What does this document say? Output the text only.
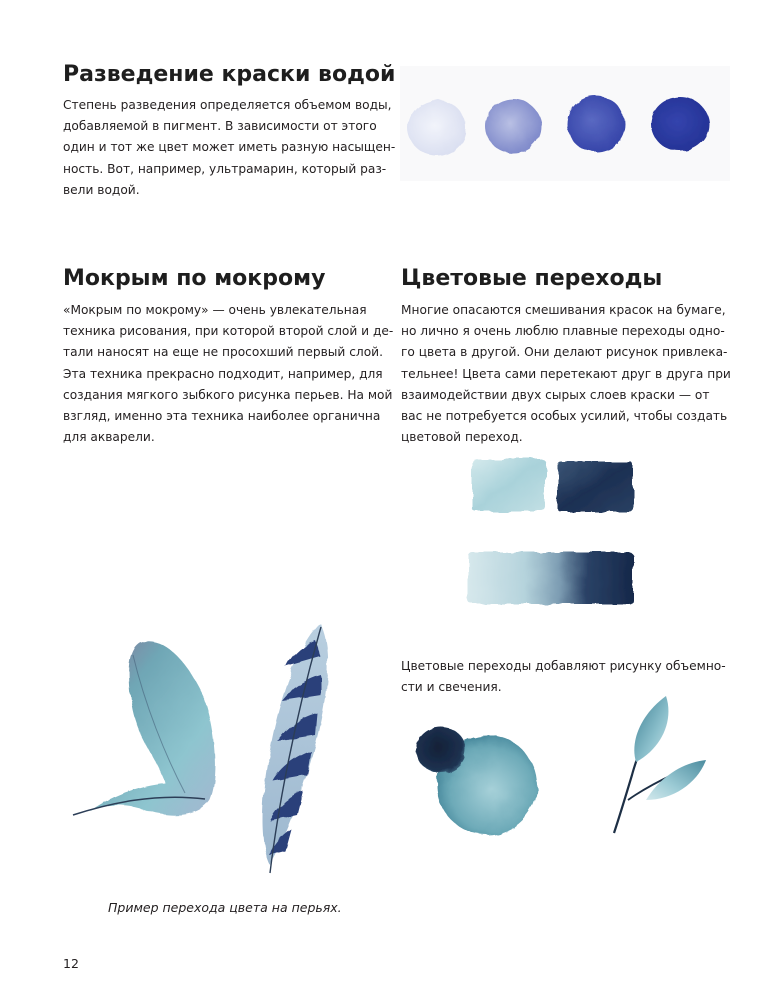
Разведение краски водой
Степень разведения определяется объемом воды,
добавляемой в пигмент. В зависимости от этого
один и тот же цвет может иметь разную насыщен-
ность. Вот, например, ультрамарин, который раз-
вели водой.
Мокрым по мокрому
«Мокрым по мокрому» — очень увлекательная
техника рисования, при которой второй слой и де-
тали наносят на еще не просохший первый слой.
Эта техника прекрасно подходит, например, для
создания мягкого зыбкого рисунка перьев. На мой
взгляд, именно эта техника наиболее органична
для акварели.
Цветовые переходы
Многие опасаются смешивания красок на бумаге,
но лично я очень люблю плавные переходы одно-
го цвета в другой. Они делают рисунок привлека-
тельнее! Цвета сами перетекают друг в друга при
взаимодействии двух сырых слоев краски — от
вас не потребуется особых усилий, чтобы создать
цветовой переход.
Цветовые переходы добавляют рисунку объемно-
сти и свечения.

Пример перехода цвета на перьях.

12
